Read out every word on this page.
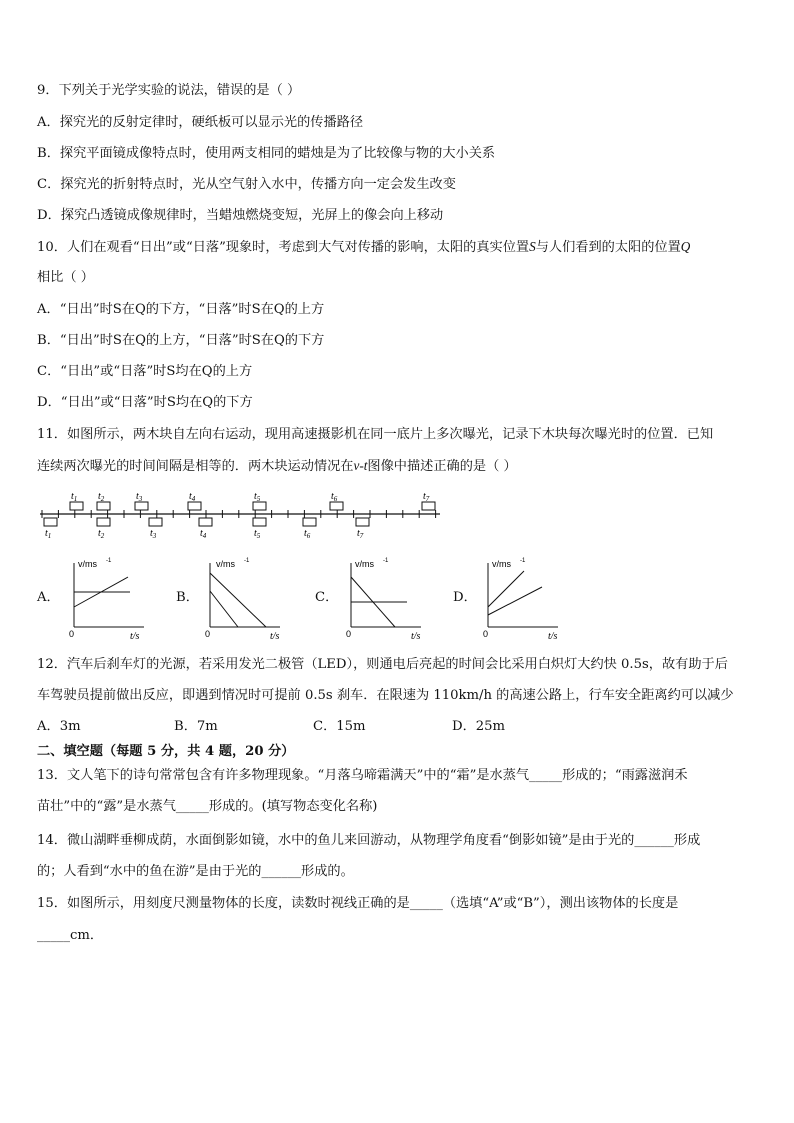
9．下列关于光学实验的说法，错误的是（ ）
A．探究光的反射定律时，硬纸板可以显示光的传播路径
B．探究平面镜成像特点时，使用两支相同的蜡烛是为了比较像与物的大小关系
C．探究光的折射特点时，光从空气射入水中，传播方向一定会发生改变
D．探究凸透镜成像规律时，当蜡烛燃烧变短，光屏上的像会向上移动
10．人们在观看“日出”或“日落”现象时，考虑到大气对传播的影响，太阳的真实位置S与人们看到的太阳的位置Q
相比（ ）
A．“日出”时S在Q的下方，“日落”时S在Q的上方
B．“日出”时S在Q的上方，“日落”时S在Q的下方
C．“日出”或“日落”时S均在Q的上方
D．“日出”或“日落”时S均在Q的下方
11．如图所示，两木块自左向右运动，现用高速摄影机在同一底片上多次曝光，记录下木块每次曝光时的位置．已知
连续两次曝光的时间间隔是相等的．两木块运动情况在v-t图像中描述正确的是（ ）
$t_1$ $t_2$	$t_3$	$t_4$	$t_5$	$t_6$	$t_7$
$t_1$	$t_2$	$t_3$	$t_4$	$t_5$	$t_6$	$t_7$
A．	B．	C．	D．
v/ms -1
0	t/s
v/ms -1
0	t/s
v/ms -1
0	t/s
v/ms -1
0	t/s
12．汽车后刹车灯的光源，若采用发光二极管（LED），则通电后亮起的时间会比采用白炽灯大约快 0.5s，故有助于后
车驾驶员提前做出反应，即遇到情况时可提前 0.5s 刹车．在限速为 110km/h 的高速公路上，行车安全距离约可以减少
A．3m	B．7m	C．15m	D．25m
二、填空题（每题 5 分，共 4 题，20 分）
13．文人笔下的诗句常常包含有许多物理现象。“月落乌啼霜满天”中的“霜”是水蒸气_____形成的；“雨露滋润禾
苗壮”中的“露”是水蒸气_____形成的。(填写物态变化名称)
14．微山湖畔垂柳成荫，水面倒影如镜，水中的鱼儿来回游动，从物理学角度看“倒影如镜”是由于光的______形成
的；人看到“水中的鱼在游”是由于光的______形成的。
15．如图所示，用刻度尺测量物体的长度，读数时视线正确的是_____（选填“A”或“B”），测出该物体的长度是
_____cm．
